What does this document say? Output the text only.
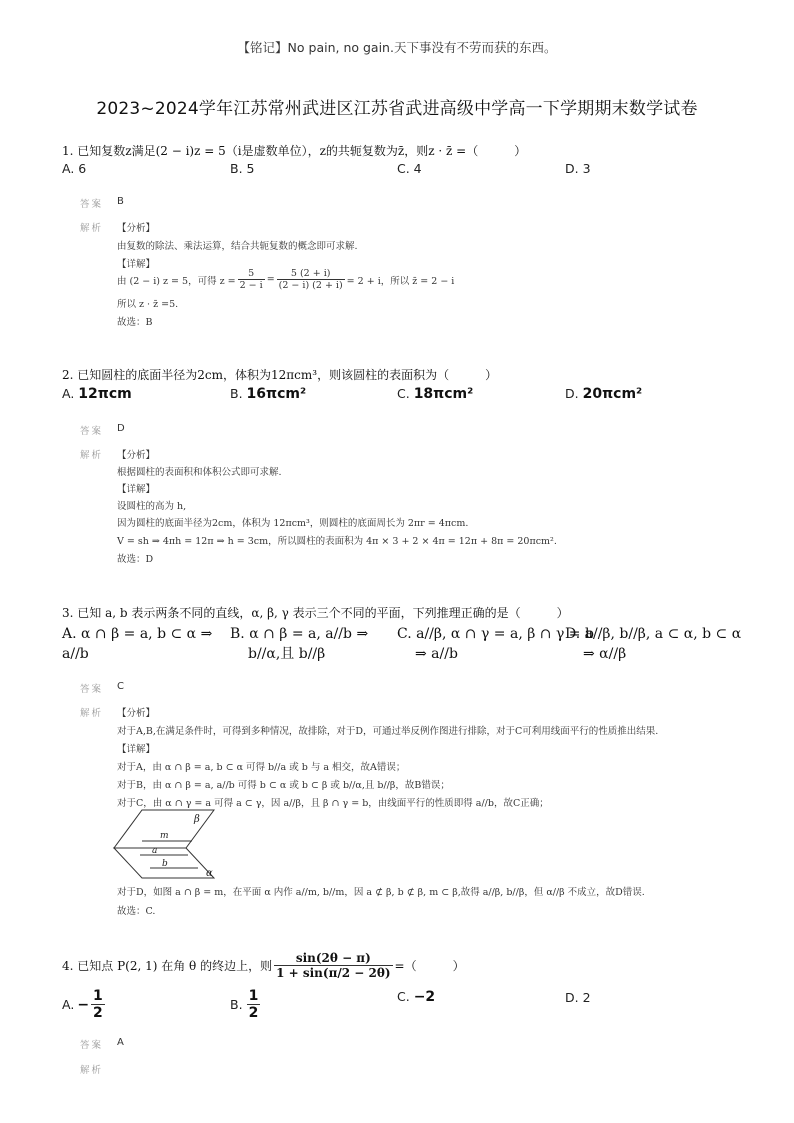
【铭记】No pain, no gain.天下事没有不劳而获的东西。
2023~2024学年江苏常州武进区江苏省武进高级中学高一下学期期末数学试卷
1. 已知复数z满足(2 − i)z = 5（i是虚数单位），z的共轭复数为z̄，则z · z̄ =（　　　）
A. 6	B. 5	C. 4	D. 3
答案 B
解析 【分析】
由复数的除法、乘法运算，结合共轭复数的概念即可求解.
【详解】
由 (2 − i) z = 5，可得 $z = \frac{5}{2 - i} = \frac{5 (2 + i)}{(2 - i) (2 + i)} = 2 + i$，所以 z̄ = 2 − i
所以 z · z̄ =5.
故选：B
2. 已知圆柱的底面半径为2cm，体积为12πcm³，则该圆柱的表面积为（　　　）
A. 12πcm	B. 16πcm²	C. 18πcm²	D. 20πcm²
答案 D
解析 【分析】
根据圆柱的表面积和体积公式即可求解.
【详解】
设圆柱的高为 h,
因为圆柱的底面半径为2cm，体积为 12πcm³，则圆柱的底面周长为 2πr = 4πcm.
V = sh ⇒ 4πh = 12π ⇒ h = 3cm，所以圆柱的表面积为 4π × 3 + 2 × 4π = 12π + 8π = 20πcm².
故选：D
3. 已知 a, b 表示两条不同的直线，α, β, γ 表示三个不同的平面，下列推理正确的是（　　　）
A. α ∩ β = a, b ⊂ α ⇒
a//b
B. α ∩ β = a, a//b ⇒
b//α,且 b//β
C. a//β, α ∩ γ = a, β ∩ γ = b
⇒ a//b
D. a//β, b//β, a ⊂ α, b ⊂ α
⇒ α//β
答案 C
解析 【分析】
对于A,B,在满足条件时，可得到多种情况，故排除，对于D，可通过举反例作图进行排除，对于C可利用线面平行的性质推出结果.
【详解】
对于A，由 α ∩ β = a, b ⊂ α 可得 b//a 或 b 与 a 相交，故A错误；
对于B，由 α ∩ β = a, a//b 可得 b ⊂ α 或 b ⊂ β 或 b//α,且 b//β，故B错误；
对于C，由 α ∩ γ = a 可得 a ⊂ γ，因 a//β，且 β ∩ γ = b，由线面平行的性质即得 a//b，故C正确；
β
m
a
b
α
对于D，如图 a ∩ β = m，在平面 α 内作 a//m, b//m，因 a ⊄ β, b ⊄ β, m ⊂ β,故得 a//β, b//β，但 α//β 不成立，故D错误.
故选：C.
4. 已知点 P(2, 1) 在角 θ 的终边上，则 $\frac{\sin(2\theta - \pi)}{1 + \sin(\pi/2 - 2\theta)}$ =（　　　）
A. − $\frac{1}{2}$	B. $\frac{1}{2}$	C. −2	D. 2
答案 A
解析
